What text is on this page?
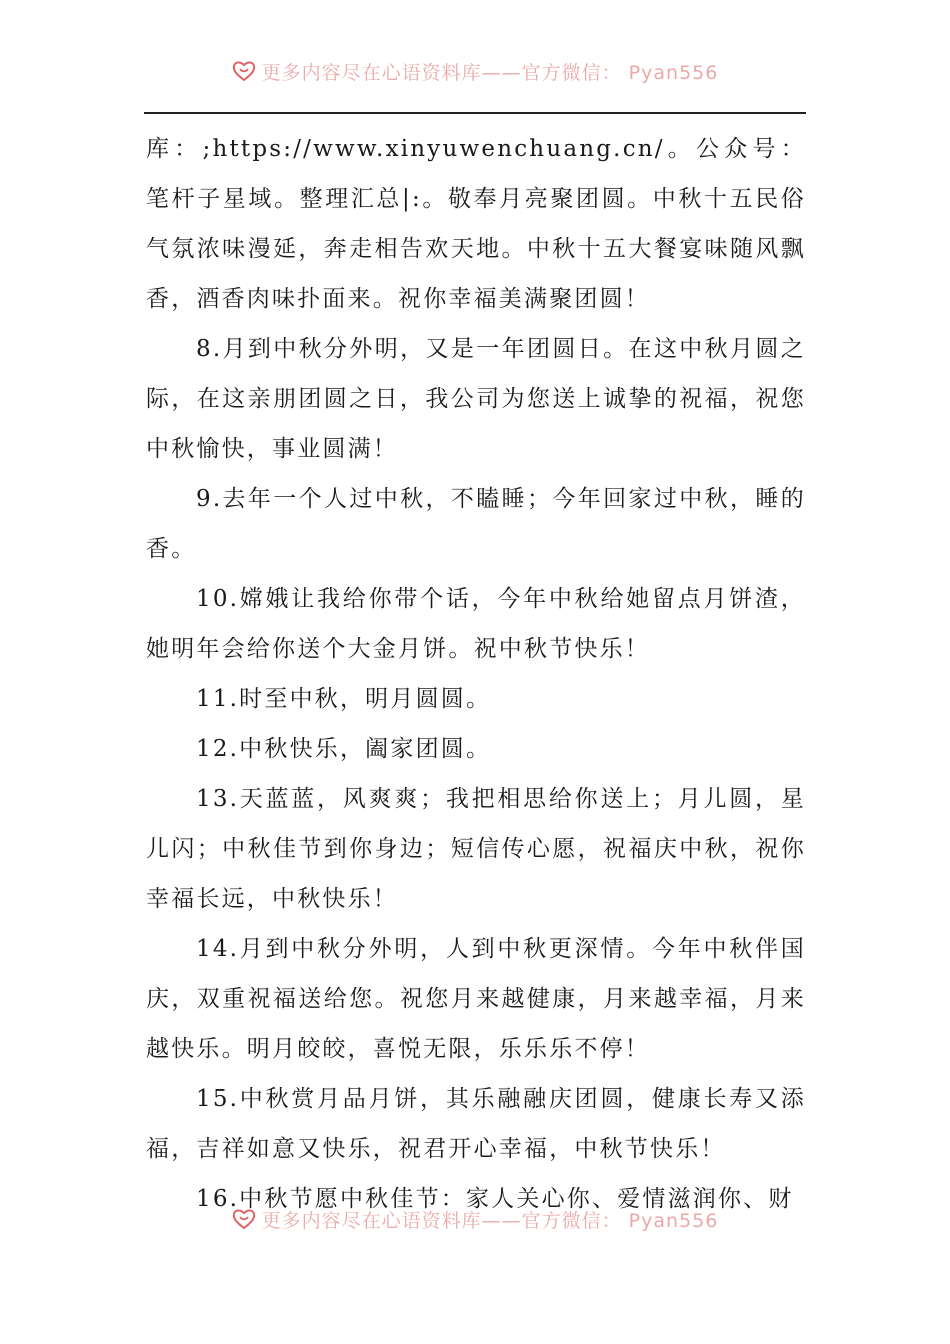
更多内容尽在心语资料库——官方微信： Pyan556

库：;https://www.xinyuwenchuang.cn/。公众号：笔杆子星域。整理汇总|:。敬奉月亮聚团圆。中秋十五民俗气氛浓味漫延，奔走相告欢天地。中秋十五大餐宴味随风飘香，酒香肉味扑面来。祝你幸福美满聚团圆！

8.月到中秋分外明，又是一年团圆日。在这中秋月圆之际，在这亲朋团圆之日，我公司为您送上诚挚的祝福，祝您中秋愉快，事业圆满！

9.去年一个人过中秋，不瞌睡；今年回家过中秋，睡的香。

10.嫦娥让我给你带个话，今年中秋给她留点月饼渣，她明年会给你送个大金月饼。祝中秋节快乐！

11.时至中秋，明月圆圆。

12.中秋快乐，阖家团圆。

13.天蓝蓝，风爽爽；我把相思给你送上；月儿圆，星儿闪；中秋佳节到你身边；短信传心愿，祝福庆中秋，祝你幸福长远，中秋快乐！

14.月到中秋分外明，人到中秋更深情。今年中秋伴国庆，双重祝福送给您。祝您月来越健康，月来越幸福，月来越快乐。明月皎皎，喜悦无限，乐乐乐不停！

15.中秋赏月品月饼，其乐融融庆团圆，健康长寿又添福，吉祥如意又快乐，祝君开心幸福，中秋节快乐！

16.中秋节愿中秋佳节：家人关心你、爱情滋润你、财

更多内容尽在心语资料库——官方微信： Pyan556
